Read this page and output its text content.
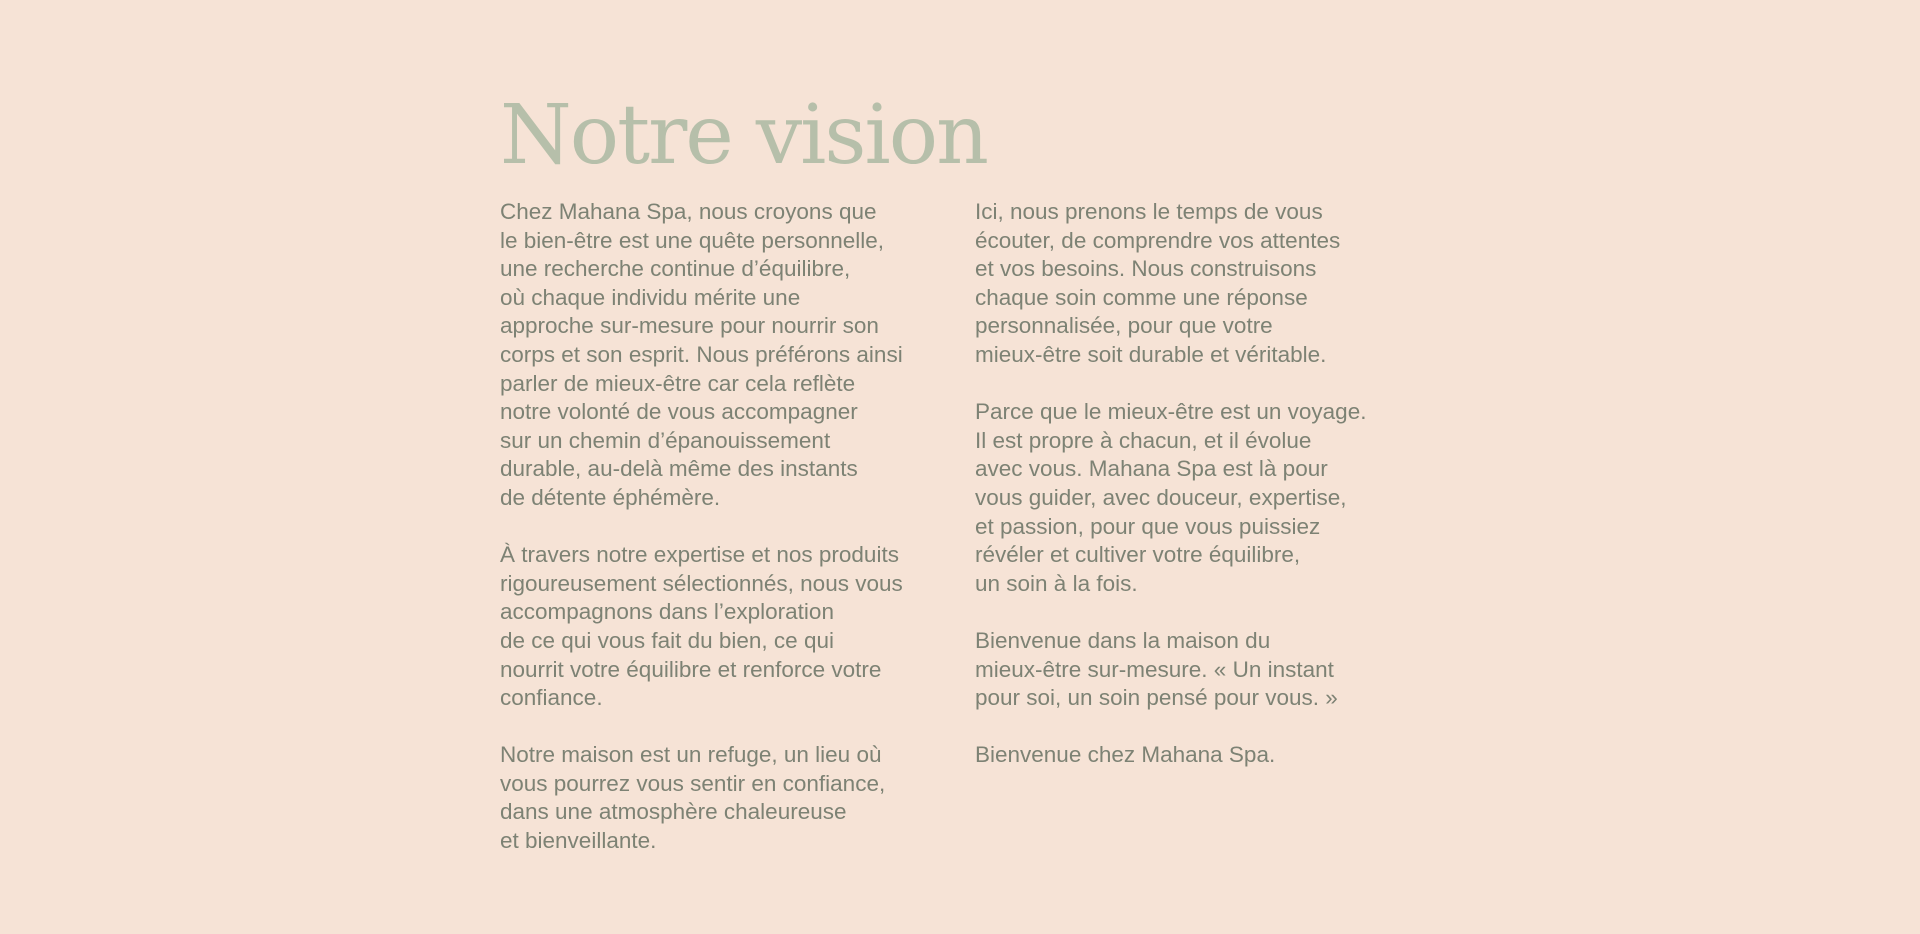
Notre vision

Chez Mahana Spa, nous croyons que
le bien-être est une quête personnelle,
une recherche continue d’équilibre,
où chaque individu mérite une
approche sur-mesure pour nourrir son
corps et son esprit. Nous préférons ainsi
parler de mieux-être car cela reflète
notre volonté de vous accompagner
sur un chemin d’épanouissement
durable, au-delà même des instants
de détente éphémère.

À travers notre expertise et nos produits
rigoureusement sélectionnés, nous vous
accompagnons dans l’exploration
de ce qui vous fait du bien, ce qui
nourrit votre équilibre et renforce votre
confiance.

Notre maison est un refuge, un lieu où
vous pourrez vous sentir en confiance,
dans une atmosphère chaleureuse
et bienveillante.

Ici, nous prenons le temps de vous
écouter, de comprendre vos attentes
et vos besoins. Nous construisons
chaque soin comme une réponse
personnalisée, pour que votre
mieux-être soit durable et véritable.

Parce que le mieux-être est un voyage.
Il est propre à chacun, et il évolue
avec vous. Mahana Spa est là pour
vous guider, avec douceur, expertise,
et passion, pour que vous puissiez
révéler et cultiver votre équilibre,
un soin à la fois.

Bienvenue dans la maison du
mieux-être sur-mesure. « Un instant
pour soi, un soin pensé pour vous. »

Bienvenue chez Mahana Spa.
